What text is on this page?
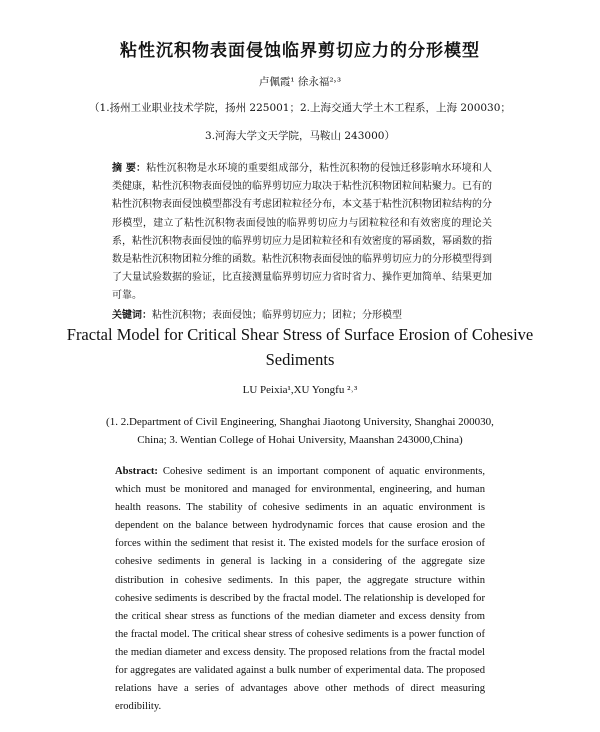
粘性沉积物表面侵蚀临界剪切应力的分形模型
卢佩霞¹ 徐永福²˒³
（1.扬州工业职业技术学院，扬州 225001；2.上海交通大学土木工程系，上海 200030；
3.河海大学文天学院，马鞍山 243000）
摘 要：粘性沉积物是水环境的重要组成部分，粘性沉积物的侵蚀迁移影响水环境和人类健康，粘性沉积物表面侵蚀的临界剪切应力取决于粘性沉积物团粒间粘聚力。已有的粘性沉积物表面侵蚀模型都没有考虑团粒粒径分布，本文基于粘性沉积物团粒结构的分形模型，建立了粘性沉积物表面侵蚀的临界剪切应力与团粒粒径和有效密度的理论关系，粘性沉积物表面侵蚀的临界剪切应力是团粒粒径和有效密度的幂函数，幂函数的指数是粘性沉积物团粒分维的函数。粘性沉积物表面侵蚀的临界剪切应力的分形模型得到了大量试验数据的验证，比直接测量临界剪切应力省时省力、操作更加简单、结果更加可靠。
关键词：粘性沉积物；表面侵蚀；临界剪切应力；团粒；分形模型
Fractal Model for Critical Shear Stress of Surface Erosion of Cohesive Sediments
LU Peixia¹,XU Yongfu ²˒³
(1. 2.Department of Civil Engineering, Shanghai Jiaotong University, Shanghai 200030, China; 3. Wentian College of Hohai University, Maanshan 243000,China)
Abstract: Cohesive sediment is an important component of aquatic environments, which must be monitored and managed for environmental, engineering, and human health reasons. The stability of cohesive sediments in an aquatic environment is dependent on the balance between hydrodynamic forces that cause erosion and the forces within the sediment that resist it. The existed models for the surface erosion of cohesive sediments in general is lacking in a considering of the aggregate size distribution in cohesive sediments. In this paper, the aggregate structure within cohesive sediments is described by the fractal model. The relationship is developed for the critical shear stress as functions of the median diameter and excess density from the fractal model. The critical shear stress of cohesive sediments is a power function of the median diameter and excess density. The proposed relations from the fractal model for aggregates are validated against a bulk number of experimental data. The proposed relations have a series of advantages above other methods of direct measuring erodibility.
